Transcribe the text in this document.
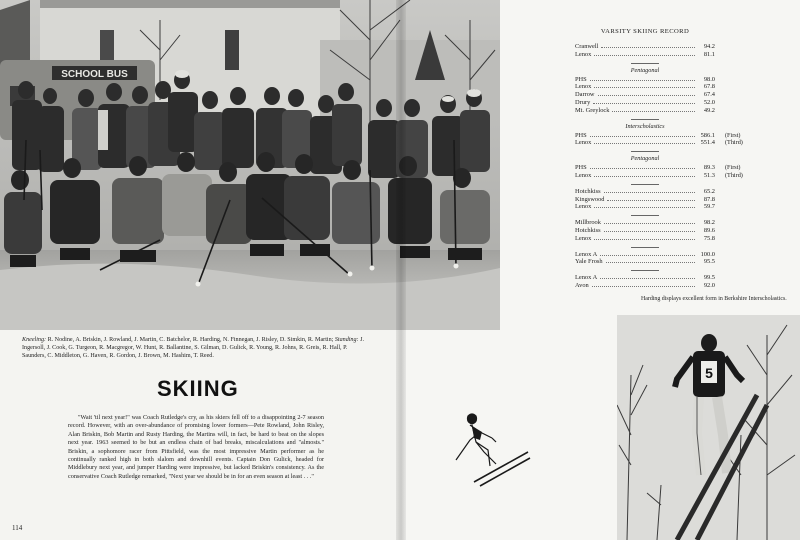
SCHOOL BUS
Kneeling: R. Nodine, A. Briskin, J. Rowland, J. Martin, C. Batchelor, R. Harding, N. Finnegan, J. Risley, D. Simkin, R. Martin; Standing: J. Ingersoll, J. Cook, G. Turgeon, R. Macgregor, W. Hunt, R. Ballantine, S. Gilman, D. Gulick, R. Young, R. Johns, R. Greis, R. Hall, P. Saunders, C. Middleton, G. Haven, R. Gordon, J. Brown, M. Hashim, T. Reed.
SKIING

"Wait 'til next year!" was Coach Rutledge's cry, as his skiers fell off to a disappointing 2-7 season record. However, with an over-abundance of promising lower formers—Pete Rowland, John Risley, Alan Briskin, Bob Martin and Rusty Harding, the Martins will, in fact, be hard to beat on the slopes next year. 1963 seemed to be but an endless chain of bad breaks, miscalculations and "almosts." Briskin, a sophomore racer from Pittsfield, was the most impressive Martin performer as he continually ranked high in both slalom and downhill events. Captain Don Gulick, headed for Middlebury next year, and jumper Harding were impressive, but lacked Briskin's consistency. As the conservative Coach Rutledge remarked, "Next year we should be in for an even season at least . . ."

114
VARSITY SKIING RECORD
Cranwell	94.2
Lenox	81.1
Pentagonal
PHS	98.0
Lenox	67.8
Darrow	67.4
Drury	52.0
Mt. Greylock	49.2
Interscholastics
PHS	586.1	(First)
Lenox	551.4	(Third)
Pentagonal
PHS	89.3	(First)
Lenox	51.3	(Third)
Hotchkiss	65.2
Kingswood	87.8
Lenox	59.7
Millbrook	98.2
Hotchkiss	89.6
Lenox	75.8
Lenox A	100.0
Yale Frosh	95.5
Lenox A	99.5
Avon	92.0
Harding displays excellent form in Berkshire Interscholastics.
5
